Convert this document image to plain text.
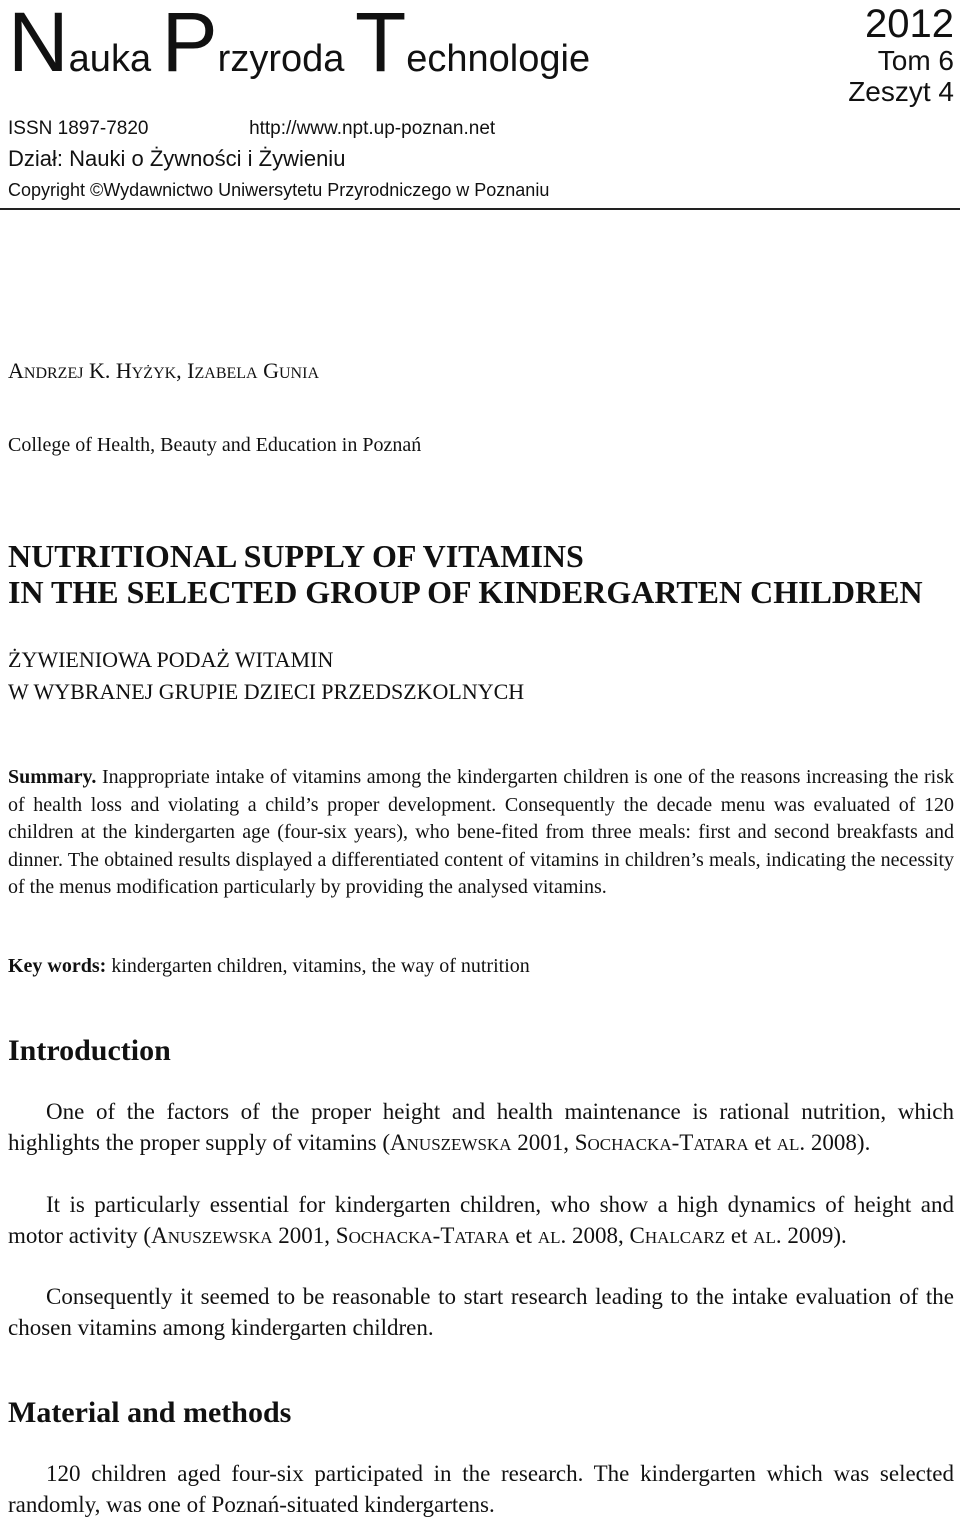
Nauka Przyroda Technologie
2012
Tom 6
Zeszyt 4
ISSN 1897-7820	http://www.npt.up-poznan.net
Dział: Nauki o Żywności i Żywieniu
Copyright ©Wydawnictwo Uniwersytetu Przyrodniczego w Poznaniu
ANDRZEJ K. HYŻYK, IZABELA GUNIA
College of Health, Beauty and Education in Poznań
NUTRITIONAL SUPPLY OF VITAMINS
IN THE SELECTED GROUP OF KINDERGARTEN CHILDREN
ŻYWIENIOWA PODAŻ WITAMIN
W WYBRANEJ GRUPIE DZIECI PRZEDSZKOLNYCH
Summary. Inappropriate intake of vitamins among the kindergarten children is one of the reasons increasing the risk of health loss and violating a child’s proper development. Consequently the decade menu was evaluated of 120 children at the kindergarten age (four-six years), who bene-fited from three meals: first and second breakfasts and dinner. The obtained results displayed a differentiated content of vitamins in children’s meals, indicating the necessity of the menus modification particularly by providing the analysed vitamins.
Key words: kindergarten children, vitamins, the way of nutrition
Introduction
One of the factors of the proper height and health maintenance is rational nutrition, which highlights the proper supply of vitamins (ANUSZEWSKA 2001, SOCHACKA-TATARA et AL. 2008).
It is particularly essential for kindergarten children, who show a high dynamics of height and motor activity (ANUSZEWSKA 2001, SOCHACKA-TATARA et AL. 2008, CHALCARZ et AL. 2009).
Consequently it seemed to be reasonable to start research leading to the intake evaluation of the chosen vitamins among kindergarten children.
Material and methods
120 children aged four-six participated in the research. The kindergarten which was selected randomly, was one of Poznań-situated kindergartens.
